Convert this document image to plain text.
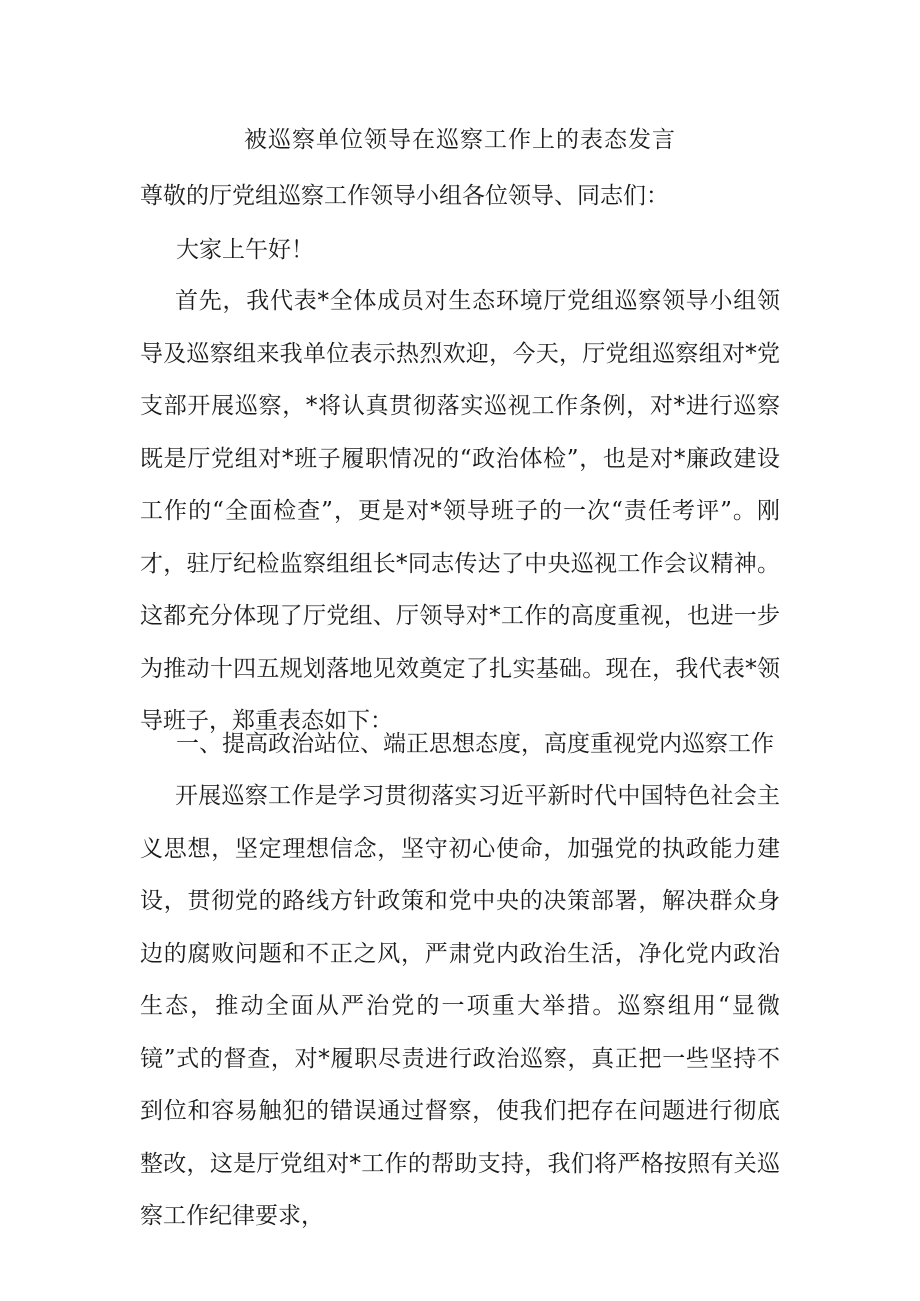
被巡察单位领导在巡察工作上的表态发言
尊敬的厅党组巡察工作领导小组各位领导、同志们：
大家上午好！

首先，我代表*全体成员对生态环境厅党组巡察领导小组领导及巡察组来我单位表示热烈欢迎，今天，厅党组巡察组对*党支部开展巡察，*将认真贯彻落实巡视工作条例，对*进行巡察既是厅党组对*班子履职情况的“政治体检”，也是对*廉政建设工作的“全面检查”，更是对*领导班子的一次“责任考评”。刚才，驻厅纪检监察组组长*同志传达了中央巡视工作会议精神。这都充分体现了厅党组、厅领导对*工作的高度重视，也进一步为推动十四五规划落地见效奠定了扎实基础。现在，我代表*领导班子，郑重表态如下：

一、提高政治站位、端正思想态度，高度重视党内巡察工作

开展巡察工作是学习贯彻落实习近平新时代中国特色社会主义思想，坚定理想信念，坚守初心使命，加强党的执政能力建设，贯彻党的路线方针政策和党中央的决策部署，解决群众身边的腐败问题和不正之风，严肃党内政治生活，净化党内政治生态，推动全面从严治党的一项重大举措。巡察组用“显微镜”式的督查，对*履职尽责进行政治巡察，真正把一些坚持不到位和容易触犯的错误通过督察，使我们把存在问题进行彻底整改，这是厅党组对*工作的帮助支持，我们将严格按照有关巡察工作纪律要求，
